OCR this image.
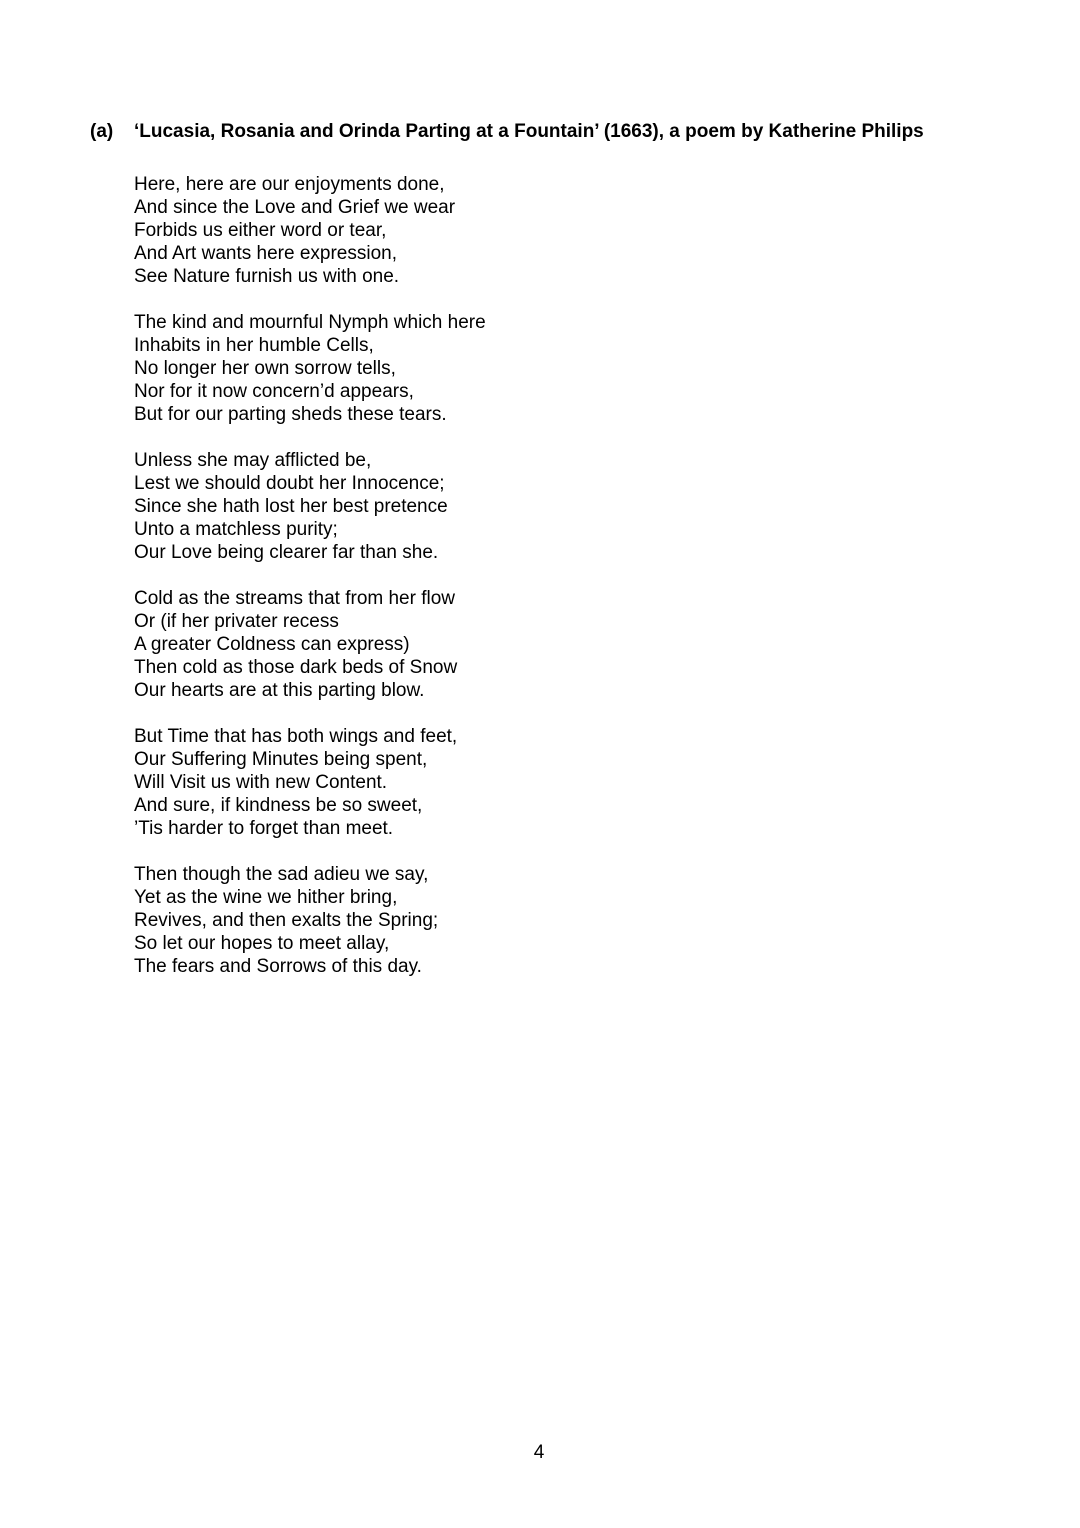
(a) ‘Lucasia, Rosania and Orinda Parting at a Fountain’ (1663), a poem by Katherine Philips
Here, here are our enjoyments done,
And since the Love and Grief we wear
Forbids us either word or tear,
And Art wants here expression,
See Nature furnish us with one.
The kind and mournful Nymph which here
Inhabits in her humble Cells,
No longer her own sorrow tells,
Nor for it now concern’d appears,
But for our parting sheds these tears.
Unless she may afflicted be,
Lest we should doubt her Innocence;
Since she hath lost her best pretence
Unto a matchless purity;
Our Love being clearer far than she.
Cold as the streams that from her flow
Or (if her privater recess
A greater Coldness can express)
Then cold as those dark beds of Snow
Our hearts are at this parting blow.
But Time that has both wings and feet,
Our Suffering Minutes being spent,
Will Visit us with new Content.
And sure, if kindness be so sweet,
’Tis harder to forget than meet.
Then though the sad adieu we say,
Yet as the wine we hither bring,
Revives, and then exalts the Spring;
So let our hopes to meet allay,
The fears and Sorrows of this day.
4
